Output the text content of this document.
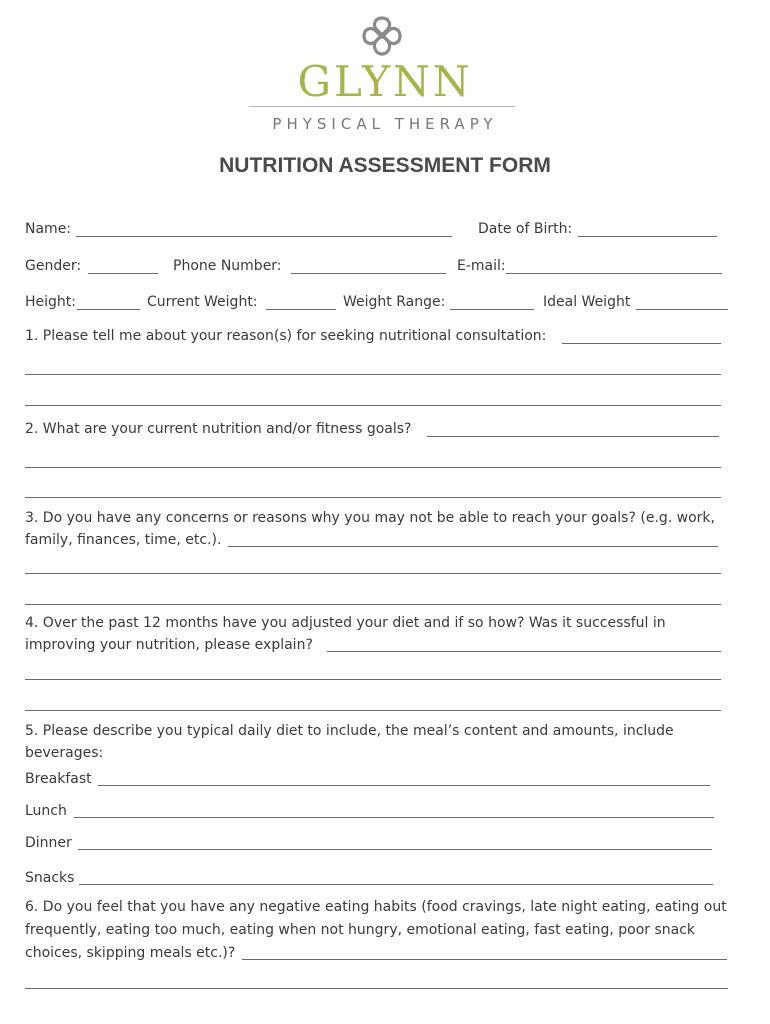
GLYNN
PHYSICAL THERAPY
NUTRITION ASSESSMENT FORM
Name:	Date of Birth:
Gender:	Phone Number:	E-mail:
Height:	Current Weight:	Weight Range:	Ideal Weight
1. Please tell me about your reason(s) for seeking nutritional consultation:
2. What are your current nutrition and/or fitness goals?
3. Do you have any concerns or reasons why you may not be able to reach your goals? (e.g. work,
family, finances, time, etc.).
4. Over the past 12 months have you adjusted your diet and if so how? Was it successful in
improving your nutrition, please explain?
5. Please describe you typical daily diet to include, the meal’s content and amounts, include
beverages:
Breakfast
Lunch
Dinner
Snacks
6. Do you feel that you have any negative eating habits (food cravings, late night eating, eating out
frequently, eating too much, eating when not hungry, emotional eating, fast eating, poor snack
choices, skipping meals etc.)?
